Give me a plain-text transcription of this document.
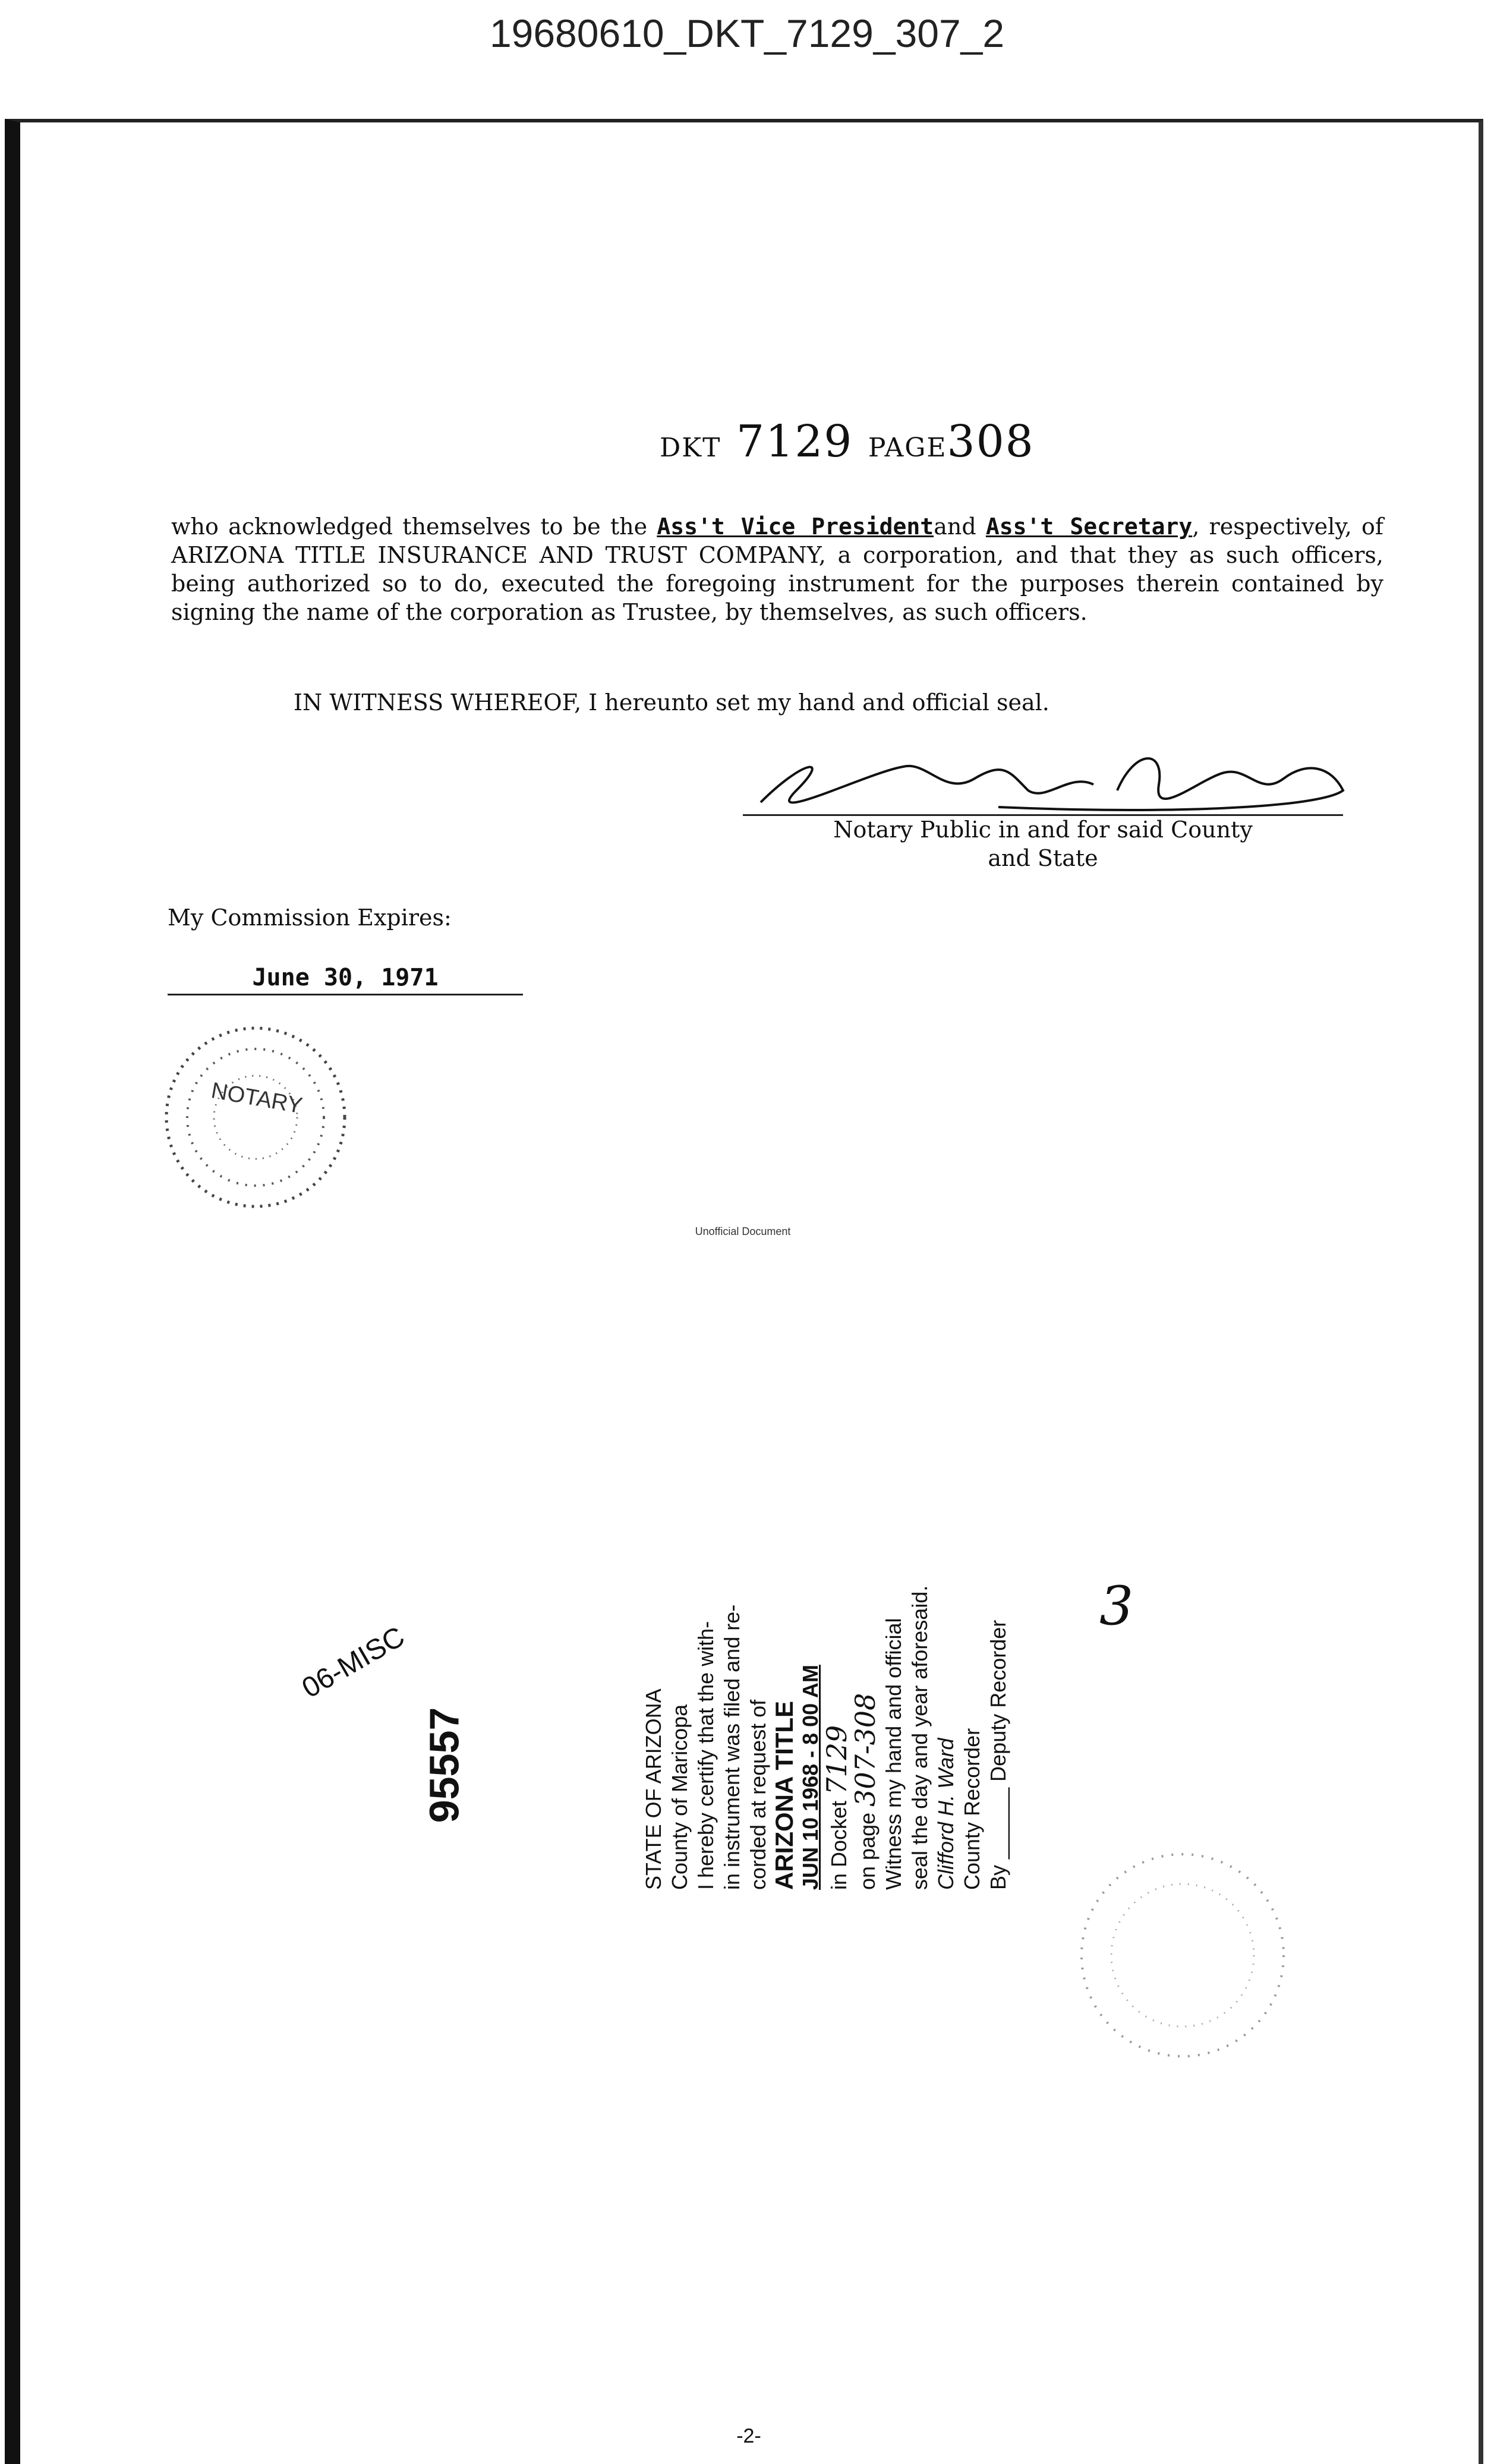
19680610_DKT_7129_307_2
DKT 7129 PAGE308
who acknowledged themselves to be the Ass't Vice Presidentand Ass't Secretary, respectively, of ARIZONA TITLE INSURANCE AND TRUST COMPANY, a corporation, and that they as such officers, being authorized so to do, executed the foregoing instrument for the purposes therein contained by signing the name of the corporation as Trustee, by themselves, as such officers.
IN WITNESS WHEREOF, I hereunto set my hand and official seal.
Barbara Clayton
Notary Public in and for said County
and State
My Commission Expires:
June 30, 1971
NOTARY
Unofficial Document
06-MISC
95557	STATE OF ARIZONA County of Maricopa I hereby certify that the with- in instrument was filed and re- corded at request of ARIZONA TITLE JUN 10 1968 - 8 00 AM in Docket 7129
on page 307-308 Witness my hand and official seal the day and year aforesaid. Clifford H. Ward County Recorder By ______ Deputy Recorder
3
-2-
